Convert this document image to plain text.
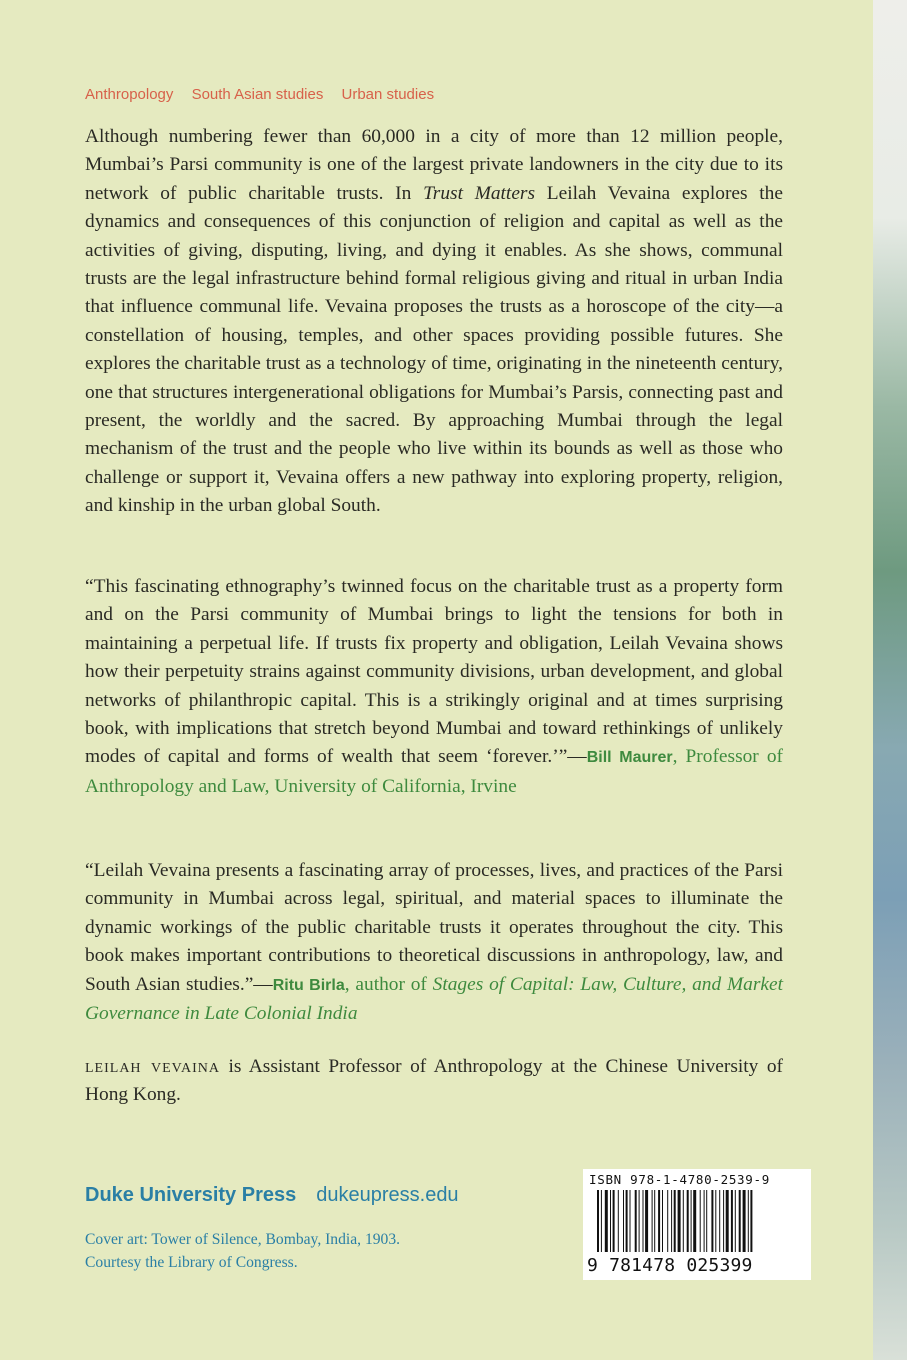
Anthropology South Asian studies Urban studies
Although numbering fewer than 60,000 in a city of more than 12 million people, Mumbai’s Parsi community is one of the largest private landowners in the city due to its network of public charitable trusts. In Trust Matters Leilah Vevaina explores the dynamics and consequences of this conjunction of religion and capital as well as the activities of giving, disputing, living, and dying it enables. As she shows, communal trusts are the legal infrastructure behind formal religious giving and ritual in urban India that influence communal life. Vevaina proposes the trusts as a horoscope of the city—a constellation of housing, temples, and other spaces providing possible futures. She explores the charitable trust as a technology of time, originating in the nineteenth century, one that structures intergenerational obligations for Mumbai’s Parsis, connecting past and present, the worldly and the sacred. By approaching Mumbai through the legal mechanism of the trust and the people who live within its bounds as well as those who challenge or support it, Vevaina offers a new pathway into exploring property, religion, and kinship in the urban global South.
“This fascinating ethnography’s twinned focus on the charitable trust as a property form and on the Parsi community of Mumbai brings to light the tensions for both in maintaining a perpetual life. If trusts fix property and obligation, Leilah Vevaina shows how their perpetuity strains against community divisions, urban development, and global networks of philanthropic capital. This is a strikingly original and at times surprising book, with implications that stretch beyond Mumbai and toward rethinkings of unlikely modes of capital and forms of wealth that seem ‘forever.’”—Bill Maurer, Professor of Anthropology and Law, University of California, Irvine
“Leilah Vevaina presents a fascinating array of processes, lives, and practices of the Parsi community in Mumbai across legal, spiritual, and material spaces to illuminate the dynamic workings of the public charitable trusts it operates throughout the city. This book makes important contributions to theoretical discussions in anthropology, law, and South Asian studies.”—Ritu Birla, author of Stages of Capital: Law, Culture, and Market Governance in Late Colonial India
leilah vevaina is Assistant Professor of Anthropology at the Chinese University of Hong Kong.
Duke University Press dukeupress.edu
Cover art: Tower of Silence, Bombay, India, 1903.
Courtesy the Library of Congress.
ISBN 978-1-4780-2539-9
9 781478 025399
